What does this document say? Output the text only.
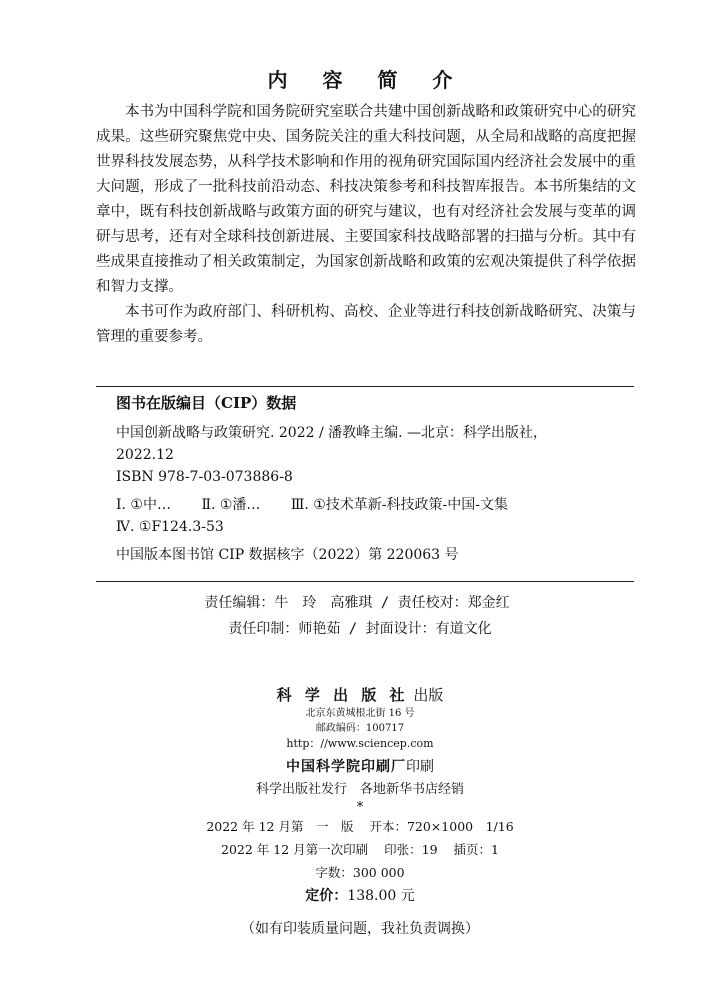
内 容 简 介

本书为中国科学院和国务院研究室联合共建中国创新战略和政策研究中心的研究成果。这些研究聚焦党中央、国务院关注的重大科技问题，从全局和战略的高度把握世界科技发展态势，从科学技术影响和作用的视角研究国际国内经济社会发展中的重大问题，形成了一批科技前沿动态、科技决策参考和科技智库报告。本书所集结的文章中，既有科技创新战略与政策方面的研究与建议，也有对经济社会发展与变革的调研与思考，还有对全球科技创新进展、主要国家科技战略部署的扫描与分析。其中有些成果直接推动了相关政策制定，为国家创新战略和政策的宏观决策提供了科学依据和智力支撑。

本书可作为政府部门、科研机构、高校、企业等进行科技创新战略研究、决策与管理的重要参考。

图书在版编目（CIP）数据
中国创新战略与政策研究. 2022 / 潘教峰主编. —北京：科学出版社，
2022.12
ISBN 978-7-03-073886-8
Ⅰ. ①中… Ⅱ. ①潘… Ⅲ. ①技术革新-科技政策-中国-文集
Ⅳ. ①F124.3-53
中国版本图书馆 CIP 数据核字（2022）第 220063 号
责任编辑：牛　玲　高雅琪 / 责任校对：郑金红
责任印制：师艳茹 / 封面设计：有道文化
科 学 出 版 社 出版
北京东黄城根北街 16 号
邮政编码：100717
http：//www.sciencep.com
中国科学院印刷厂印刷
科学出版社发行　各地新华书店经销
*
2022 年 12 月第　一　版 开本：720×1000　1/16
2022 年 12 月第一次印刷 印张：19 插页：1
字数：300 000
定价：138.00 元
（如有印装质量问题，我社负责调换）
